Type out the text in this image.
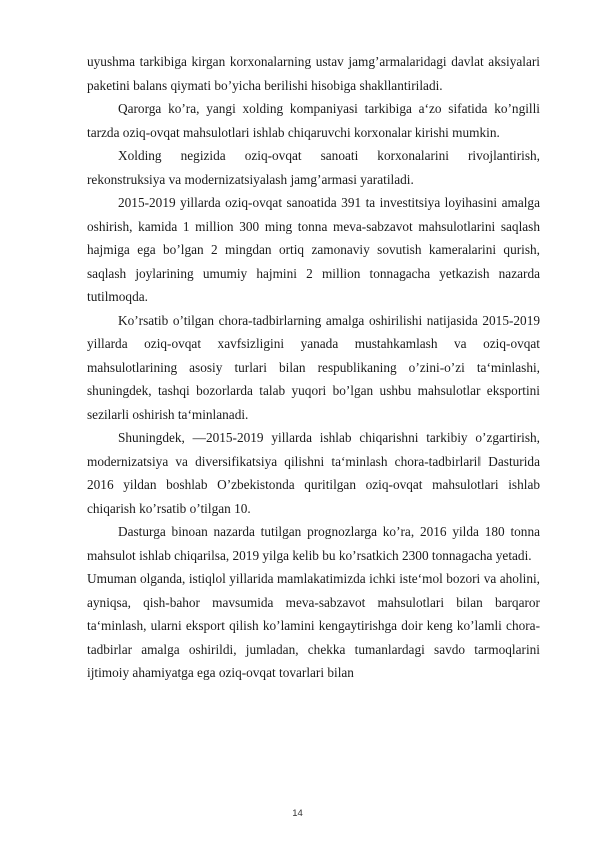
uyushma tarkibiga kirgan korxonalarning ustav jamg’armalaridagi davlat aksiyalari paketini balans qiymati bo’yicha berilishi hisobiga shakllantiriladi.

Qarorga ko’ra, yangi xolding kompaniyasi tarkibiga a‘zo sifatida ko’ngilli tarzda oziq-ovqat mahsulotlari ishlab chiqaruvchi korxonalar kirishi mumkin.

Xolding negizida oziq-ovqat sanoati korxonalarini rivojlantirish, rekonstruksiya va modernizatsiyalash jamg’armasi yaratiladi.

2015-2019 yillarda oziq-ovqat sanoatida 391 ta investitsiya loyihasini amalga oshirish, kamida 1 million 300 ming tonna meva-sabzavot mahsulotlarini saqlash hajmiga ega bo’lgan 2 mingdan ortiq zamonaviy sovutish kameralarini qurish, saqlash joylarining umumiy hajmini 2 million tonnagacha yetkazish nazarda tutilmoqda.

Ko’rsatib o’tilgan chora-tadbirlarning amalga oshirilishi natijasida 2015-2019 yillarda oziq-ovqat xavfsizligini yanada mustahkamlash va oziq-ovqat mahsulotlarining asosiy turlari bilan respublikaning o’zini-o’zi ta‘minlashi, shuningdek, tashqi bozorlarda talab yuqori bo’lgan ushbu mahsulotlar eksportini sezilarli oshirish ta‘minlanadi.

Shuningdek, ―2015-2019 yillarda ishlab chiqarishni tarkibiy o’zgartirish, modernizatsiya va diversifikatsiya qilishni ta‘minlash chora-tadbirlari‖ Dasturida 2016 yildan boshlab O’zbekistonda quritilgan oziq-ovqat mahsulotlari ishlab chiqarish ko’rsatib o’tilgan 10.

Dasturga binoan nazarda tutilgan prognozlarga ko’ra, 2016 yilda 180 tonna mahsulot ishlab chiqarilsa, 2019 yilga kelib bu ko’rsatkich 2300 tonnagacha yetadi.

Umuman olganda, istiqlol yillarida mamlakatimizda ichki iste‘mol bozori va aholini, ayniqsa, qish-bahor mavsumida meva-sabzavot mahsulotlari bilan barqaror ta‘minlash, ularni eksport qilish ko’lamini kengaytirishga doir keng ko’lamli chora-tadbirlar amalga oshirildi, jumladan, chekka tumanlardagi savdo tarmoqlarini ijtimoiy ahamiyatga ega oziq-ovqat tovarlari bilan

14
